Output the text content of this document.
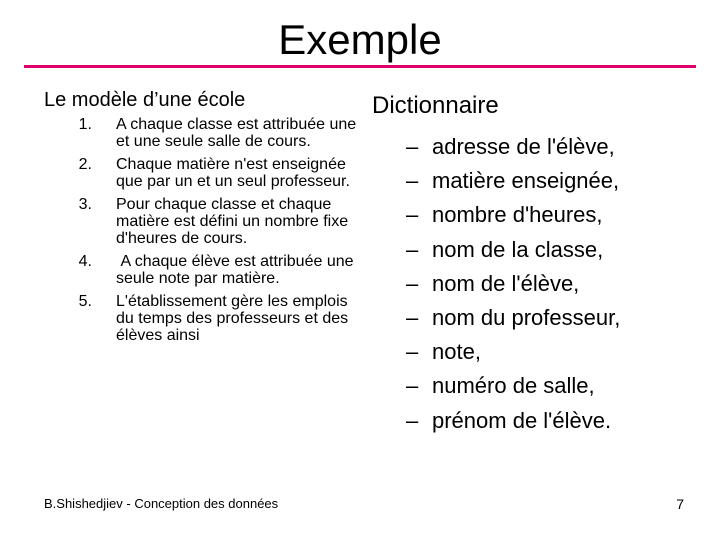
Exemple
Le modèle d’une école
1. A chaque classe est attribuée une et une seule salle de cours.
2. Chaque matière n'est enseignée que par un et un seul professeur.
3. Pour chaque classe et chaque matière est défini un nombre fixe d'heures de cours.
4. A chaque élève est attribuée une seule note par matière.
5. L'établissement gère les emplois du temps des professeurs et des élèves ainsi
Dictionnaire
– adresse de l'élève,
– matière enseignée,
– nombre d'heures,
– nom de la classe,
– nom de l'élève,
– nom du professeur,
– note,
– numéro de salle,
– prénom de l'élève.
B.Shishedjiev - Conception des données	7
